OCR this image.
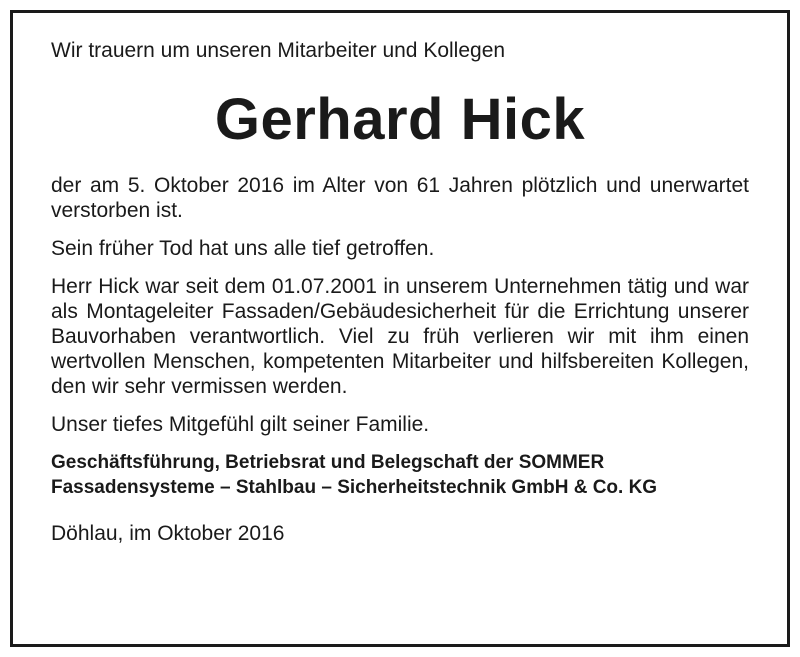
Wir trauern um unseren Mitarbeiter und Kollegen

Gerhard Hick

der am 5. Oktober 2016 im Alter von 61 Jahren plötzlich und unerwartet verstorben ist.

Sein früher Tod hat uns alle tief getroffen.

Herr Hick war seit dem 01.07.2001 in unserem Unternehmen tätig und war als Montageleiter Fassaden/Gebäudesicherheit für die Errichtung unserer Bauvorhaben verantwortlich. Viel zu früh verlieren wir mit ihm einen wertvollen Menschen, kompetenten Mitarbeiter und hilfsbereiten Kollegen, den wir sehr vermissen werden.

Unser tiefes Mitgefühl gilt seiner Familie.

Geschäftsführung, Betriebsrat und Belegschaft der SOMMER
Fassadensysteme – Stahlbau – Sicherheitstechnik GmbH & Co. KG

Döhlau, im Oktober 2016
